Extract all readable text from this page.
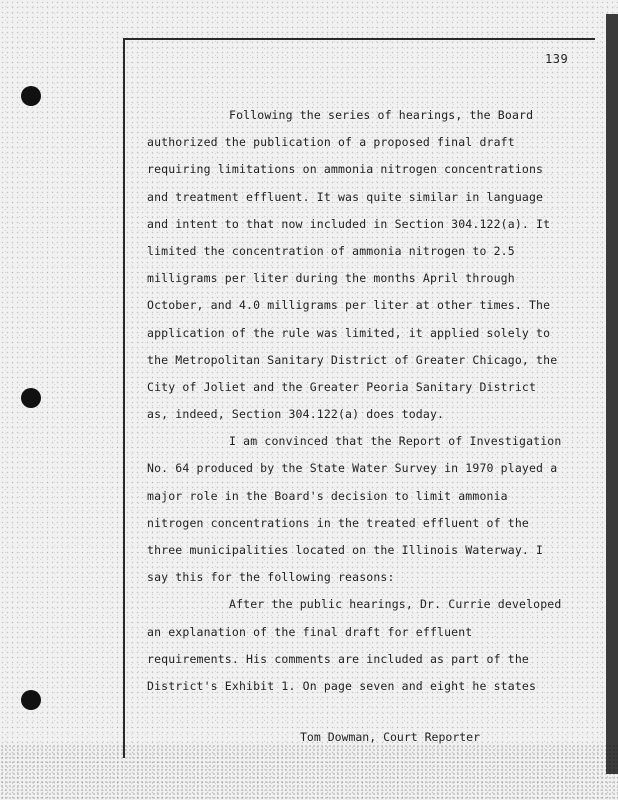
139
Following the series of hearings, the Board
authorized the publication of a proposed final draft
requiring limitations on ammonia nitrogen concentrations
and treatment effluent. It was quite similar in language
and intent to that now included in Section 304.122(a). It
limited the concentration of ammonia nitrogen to 2.5
milligrams per liter during the months April through
October, and 4.0 milligrams per liter at other times. The
application of the rule was limited, it applied solely to
the Metropolitan Sanitary District of Greater Chicago, the
City of Joliet and the Greater Peoria Sanitary District
as, indeed, Section 304.122(a) does today.
I am convinced that the Report of Investigation
No. 64 produced by the State Water Survey in 1970 played a
major role in the Board's decision to limit ammonia
nitrogen concentrations in the treated effluent of the
three municipalities located on the Illinois Waterway. I
say this for the following reasons:
After the public hearings, Dr. Currie developed
an explanation of the final draft for effluent
requirements. His comments are included as part of the
District's Exhibit 1. On page seven and eight he states
Tom Dowman, Court Reporter
